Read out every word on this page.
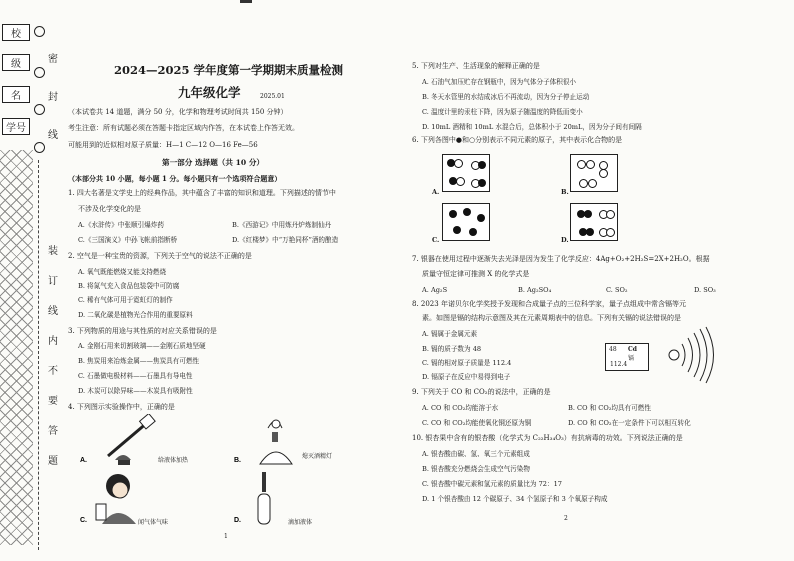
校
级
名
学号
密
封
线
装
订
线
内
不
要
答
题
2024—2025 学年度第一学期期末质量检测
九年级化学	2025.01
（本试卷共 14 道题，满分 50 分，化学和物理考试时间共 150 分钟）
考生注意：所有试题必须在答题卡指定区域内作答，在本试卷上作答无效。
可能用到的近似相对原子质量：H—1 C—12 O—16 Fe—56
第一部分 选择题（共 10 分）
（本部分共 10 小题，每小题 1 分。每小题只有一个选项符合题意）
1. 四大名著是文学史上的经典作品，其中蕴含了丰富的知识和道理。下列描述的情节中
不涉及化学变化的是
A.《水浒传》中张顺引爆炸药	B.《西游记》中用炼丹炉炼制仙丹
C.《三国演义》中孙飞帐前指断桥	D.《红楼梦》中“万艳同杯”酒的酿造
2. 空气是一种宝贵的资源，下列关于空气的说法不正确的是
A. 氧气既能燃烧又能支持燃烧
B. 将氮气充入食品包装袋中可防腐
C. 稀有气体可用于霓虹灯的制作
D. 二氧化碳是植物光合作用的重要原料
3. 下列物质的用途与其性质的对应关系错误的是
A. 金刚石用来切割玻璃——金刚石质地坚硬
B. 焦炭用来冶炼金属——焦炭具有可燃性
C. 石墨做电极材料——石墨具有导电性
D. 木炭可以除异味——木炭具有吸附性
4. 下列图示实验操作中，正确的是
A.	给液体加热	B.
熄灭酒精灯
C.	闻气体气味	D.	滴加液体
1
5. 下列对生产、生活现象的解释正确的是
A. 石油气加压贮存在钢瓶中，因为气体分子体积很小
B. 冬天水管里的水结成冰后不再流动，因为分子停止运动
C. 温度计里的汞柱下降，因为原子随温度的降低而变小
D. 10mL 酒精和 10mL 水混合后，总体积小于 20mL，因为分子间有间隔
6. 下列各图中●和○分别表示不同元素的原子，其中表示化合物的是
A.	B.
C.	D.
7. 银器在使用过程中逐渐失去光泽是因为发生了化学反应：4Ag+O₂+2H₂S=2X+2H₂O。根据
质量守恒定律可推测 X 的化学式是
A. Ag₂S	B. Ag₂SO₄	C. SO₂	D. SO₃
8. 2023 年诺贝尔化学奖授予发现和合成量子点的三位科学家，量子点组成中常含镉等元
素。如图是镉的结构示意图及其在元素周期表中的信息。下列有关镉的说法错误的是
A. 镉属于金属元素
B. 镉的质子数为 48
C. 镉的相对原子质量是 112.4
D. 镉原子在反应中易得到电子
9. 下列关于 CO 和 CO₂的说法中，正确的是
A. CO 和 CO₂均能溶于水	B. CO 和 CO₂均具有可燃性
C. CO 和 CO₂均能使氧化铜还原为铜	D. CO 和 CO₂在一定条件下可以相互转化
10. 银杏果中含有的银杏酸（化学式为 C₂₂H₃₄O₃）有抗病毒的功效。下列说法正确的是
A. 银杏酸由碳、氢、氧三个元素组成
B. 银杏酸充分燃烧会生成空气污染物
C. 银杏酸中碳元素和氢元素的质量比为 72：17
D. 1 个银杏酸由 12 个碳原子、34 个氢原子和 3 个氧原子构成
2
48 Cd
镉
112.4
